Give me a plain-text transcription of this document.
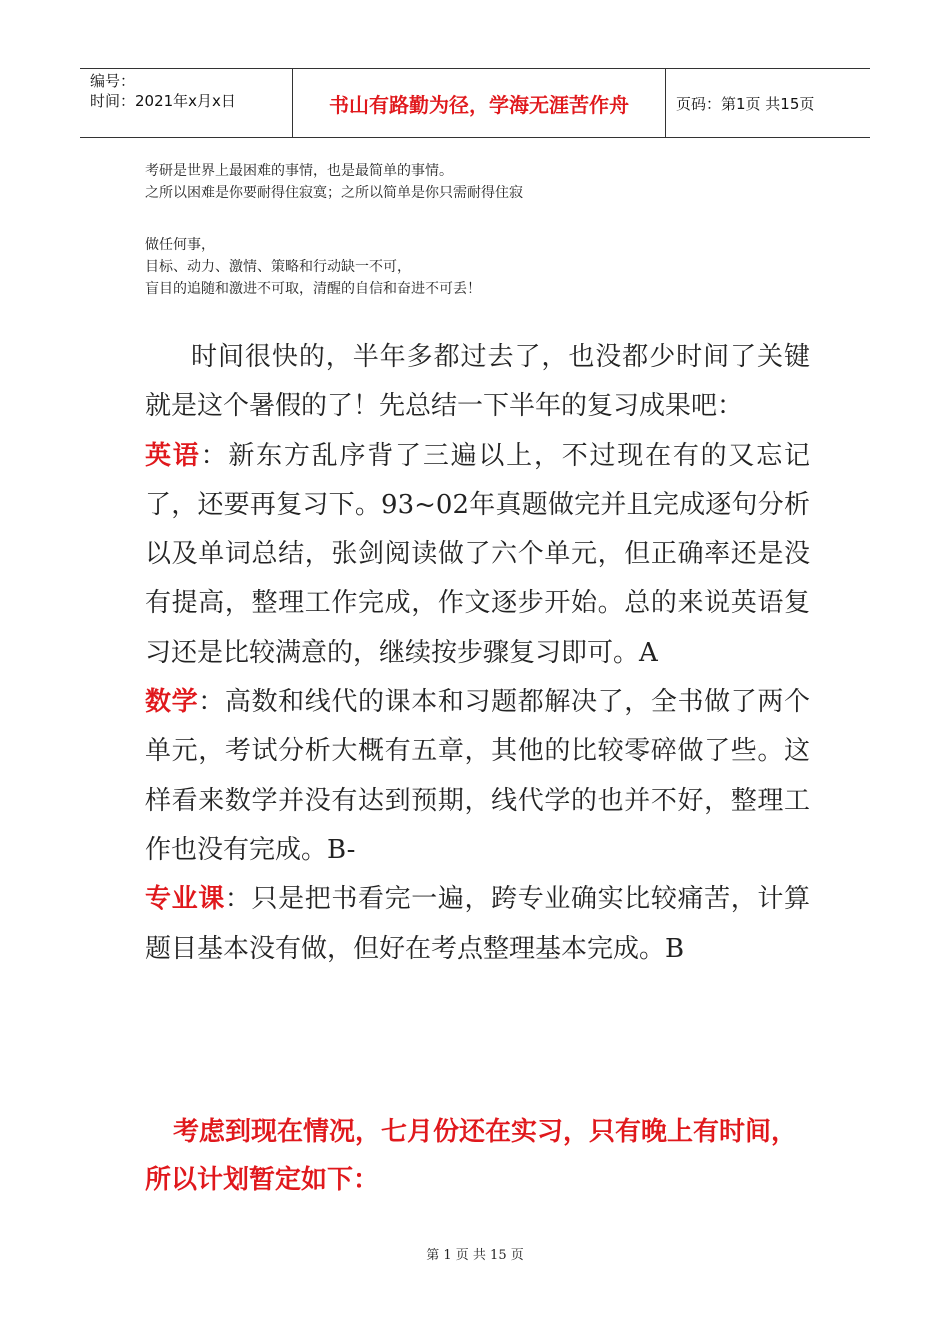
编号：
时间：2021年x月x日	书山有路勤为径，学海无涯苦作舟	页码：第1页 共15页
考研是世界上最困难的事情，也是最简单的事情。
之所以困难是你要耐得住寂寞；之所以简单是你只需耐得住寂
做任何事，
目标、动力、激情、策略和行动缺一不可，
盲目的追随和激进不可取，清醒的自信和奋进不可丢！

时间很快的，半年多都过去了，也没都少时间了关键就是这个暑假的了！先总结一下半年的复习成果吧：

英语：新东方乱序背了三遍以上，不过现在有的又忘记了，还要再复习下。93~02年真题做完并且完成逐句分析以及单词总结，张剑阅读做了六个单元，但正确率还是没有提高，整理工作完成，作文逐步开始。总的来说英语复习还是比较满意的，继续按步骤复习即可。A

数学：高数和线代的课本和习题都解决了，全书做了两个单元，考试分析大概有五章，其他的比较零碎做了些。这样看来数学并没有达到预期，线代学的也并不好，整理工作也没有完成。B-

专业课：只是把书看完一遍，跨专业确实比较痛苦，计算题目基本没有做，但好在考点整理基本完成。B

考虑到现在情况，七月份还在实习，只有晚上有时间，所以计划暂定如下：

第 1 页 共 15 页
